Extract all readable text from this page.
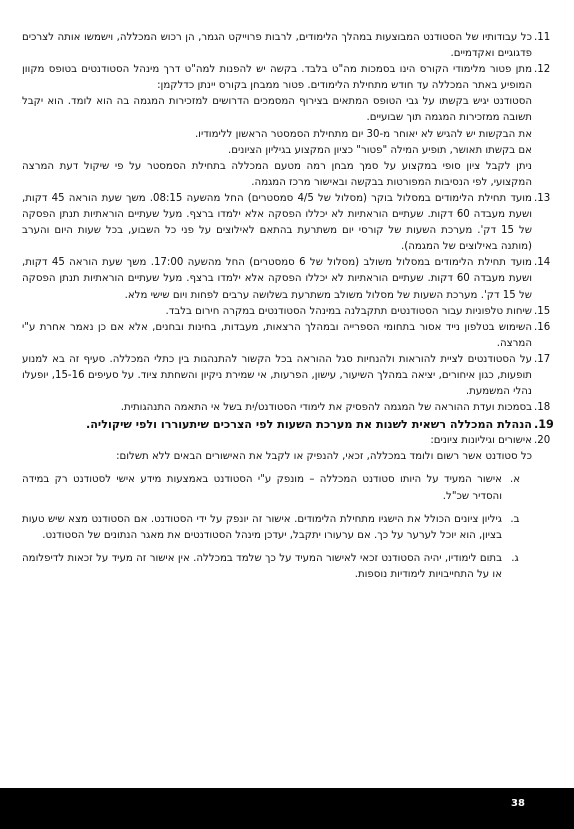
.11

כל עבודותיו של הסטודנט המבוצעות במהלך הלימודים, לרבות פרוייקט הגמר, הן רכוש המכללה, וישמשו אותה לצרכים פדגוגיים ואקדמיים.

.12

מתן פטור מלימודי הקורס הינו בסמכות מה"ט בלבד. בקשה יש להפנות למה"ט דרך מינהל הסטודנטים בטופס מקוון המופיע באתר המכללה עד חודש מתחילת הלימודים. פטור ממבחן בקורס יינתן כדלקמן:

הסטודנט יגיש בקשתו על גבי הטופס המתאים בצירוף המסמכים הדרושים למזכירות המגמה בה הוא לומד. הוא יקבל תשובה ממזכירות המגמה תוך שבועיים.

את הבקשות יש להגיש לא יאוחר מ-30 יום מתחילת הסמסטר הראשון ללימודיו.

אם בקשתו תאושר, תופיע המילה "פטור" כציון המקצוע בגיליון הציונים.

ניתן לקבל ציון סופי במקצוע על סמך מבחן רמה מטעם המכללה בתחילת הסמסטר על פי שיקול דעת המרצה המקצועי, לפי הנסיבות המפורטות בבקשה ובאישור מרכז המגמה.

.13

מועד תחילת הלימודים במסלול בוקר (מסלול של 4/5 סמסטרים) החל מהשעה 08:15. משך שעת הוראה 45 דקות, ושעת מעבדה 60 דקות. שעתיים הוראתיות לא יכללו הפסקה אלא ילמדו ברצף. מעל שעתיים הוראתיות תנתן הפסקה של 15 דק'. מערכת השעות של קורסי יום משתרעת בהתאם לאילוצים על פני כל השבוע, בכל שעות היום והערב (מותנה באילוצים של המגמה).

.14

מועד תחילת הלימודים במסלול משולב (מסלול של 6 סמסטרים) החל מהשעה 17:00. משך שעת הוראה 45 דקות, ושעת מעבדה 60 דקות. שעתיים הוראתיות לא יכללו הפסקה אלא ילמדו ברצף. מעל שעתיים הוראתיות תנתן הפסקה של 15 דק'. מערכת השעות של מסלול משולב משתרעת בשלושה ערבים לפחות ויום שישי מלא.

.15

שיחות טלפוניות עבור הסטודנטים תתקבלנה במינהל הסטודנטים במקרה חירום בלבד.

.16

השימוש בטלפון נייד אסור בתחומי הספרייה ובמהלך הרצאות, מעבדות, בחינות ובחנים, אלא אם כן נאמר אחרת ע"י המרצה.

.17

על הסטודנטים לציית להוראות ולהנחיות סגל ההוראה בכל הקשור להתנהגות בין כתלי המכללה. סעיף זה בא למנוע תופעות, כגון איחורים, יציאה במהלך השיעור, עישון, הפרעות, אי שמירת ניקיון והשחתת ציוד. על סעיפים 15-16, יופעלו נהלי המשמעת.

.18

בסמכות ועדת ההוראה של המגמה להפסיק את לימודי הסטודנט/ית בשל אי התאמה התנהגותית.

.19

הנהלת המכללה רשאית לשנות את מערכת השעות לפי הצרכים שיתעוררו ולפי שיקוליה.

.20

אישורים וגיליונות ציונים:

כל סטודנט אשר רשום ולומד במכללה, זכאי, להנפיק או לקבל את האישורים הבאים ללא תשלום:

א.

אישור המעיד על היותו סטודנט המכללה – מונפק ע"י הסטודנט באמצעות מידע אישי לסטודנט רק במידה והסדיר שכ"ל.

ב.

גיליון ציונים הכולל את הישגיו מתחילת הלימודים. אישור זה יונפק על ידי הסטודנט. אם הסטודנט מצא שיש טעות בציון, הוא יוכל לערער על כך. אם ערעורו יתקבל, יעדכן מינהל הסטודנטים את מאגר הנתונים של הסטודנט.

ג.

בתום לימודיו, יהיה הסטודנט זכאי לאישור המעיד על כך שלמד במכללה. אין אישור זה מעיד על זכאות לדיפלומה או על התחייבויות לימודיות נוספות.

38
